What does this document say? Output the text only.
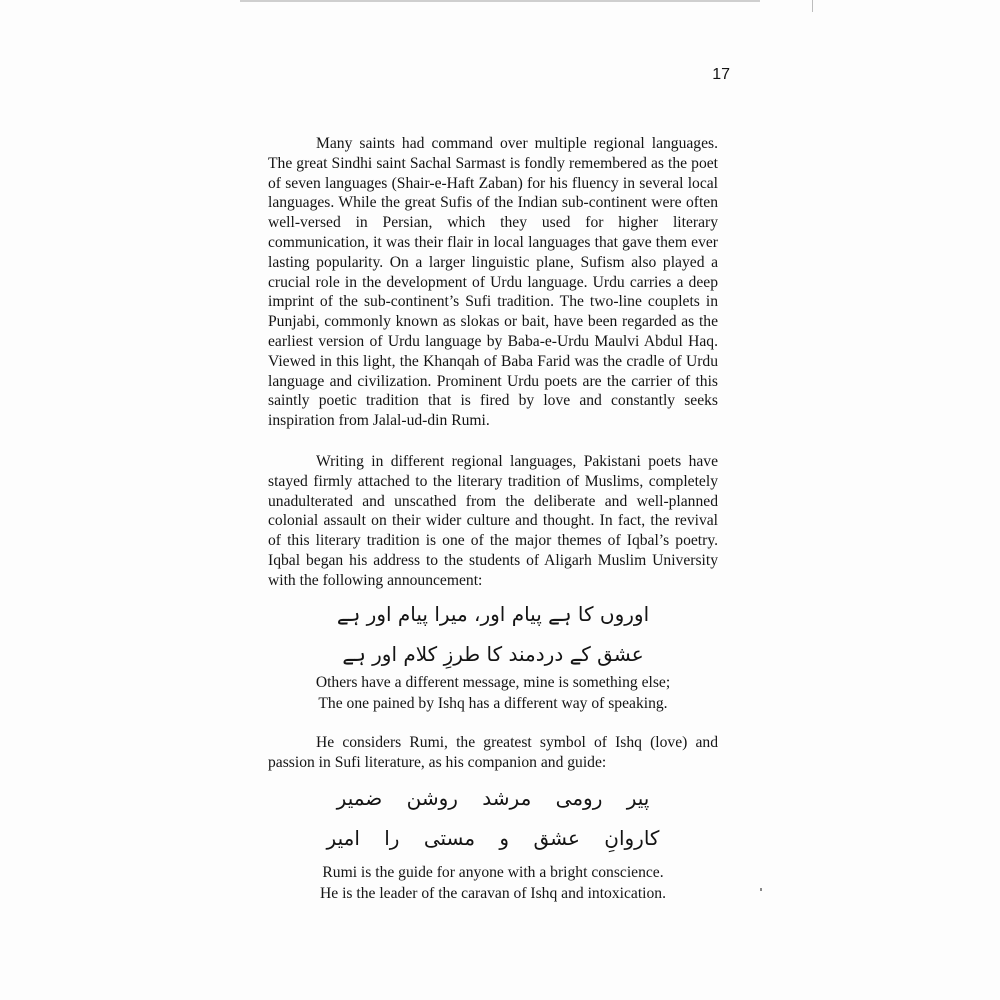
17

Many saints had command over multiple regional languages. The great Sindhi saint Sachal Sarmast is fondly remembered as the poet of seven languages (Shair-e-Haft Zaban) for his fluency in several local languages. While the great Sufis of the Indian sub-continent were often well-versed in Persian, which they used for higher literary communication, it was their flair in local languages that gave them ever lasting popularity. On a larger linguistic plane, Sufism also played a crucial role in the development of Urdu language. Urdu carries a deep imprint of the sub-continent’s Sufi tradition. The two-line couplets in Punjabi, commonly known as slokas or bait, have been regarded as the earliest version of Urdu language by Baba-e-Urdu Maulvi Abdul Haq. Viewed in this light, the Khanqah of Baba Farid was the cradle of Urdu language and civilization. Prominent Urdu poets are the carrier of this saintly poetic tradition that is fired by love and constantly seeks inspiration from Jalal-ud-din Rumi.

Writing in different regional languages, Pakistani poets have stayed firmly attached to the literary tradition of Muslims, completely unadulterated and unscathed from the deliberate and well-planned colonial assault on their wider culture and thought. In fact, the revival of this literary tradition is one of the major themes of Iqbal’s poetry. Iqbal began his address to the students of Aligarh Muslim University with the following announcement:

اوروں کا ہے پیام اور، میرا پیام اور ہے
عشق کے دردمند کا طرزِ کلام اور ہے
Others have a different message, mine is something else;
The one pained by Ishq has a different way of speaking.

He considers Rumi, the greatest symbol of Ishq (love) and passion in Sufi literature, as his companion and guide:

پیر رومی مرشد روشن ضمیر
کاروانِ عشق و مستی را امیر
Rumi is the guide for anyone with a bright conscience.
He is the leader of the caravan of Ishq and intoxication.
